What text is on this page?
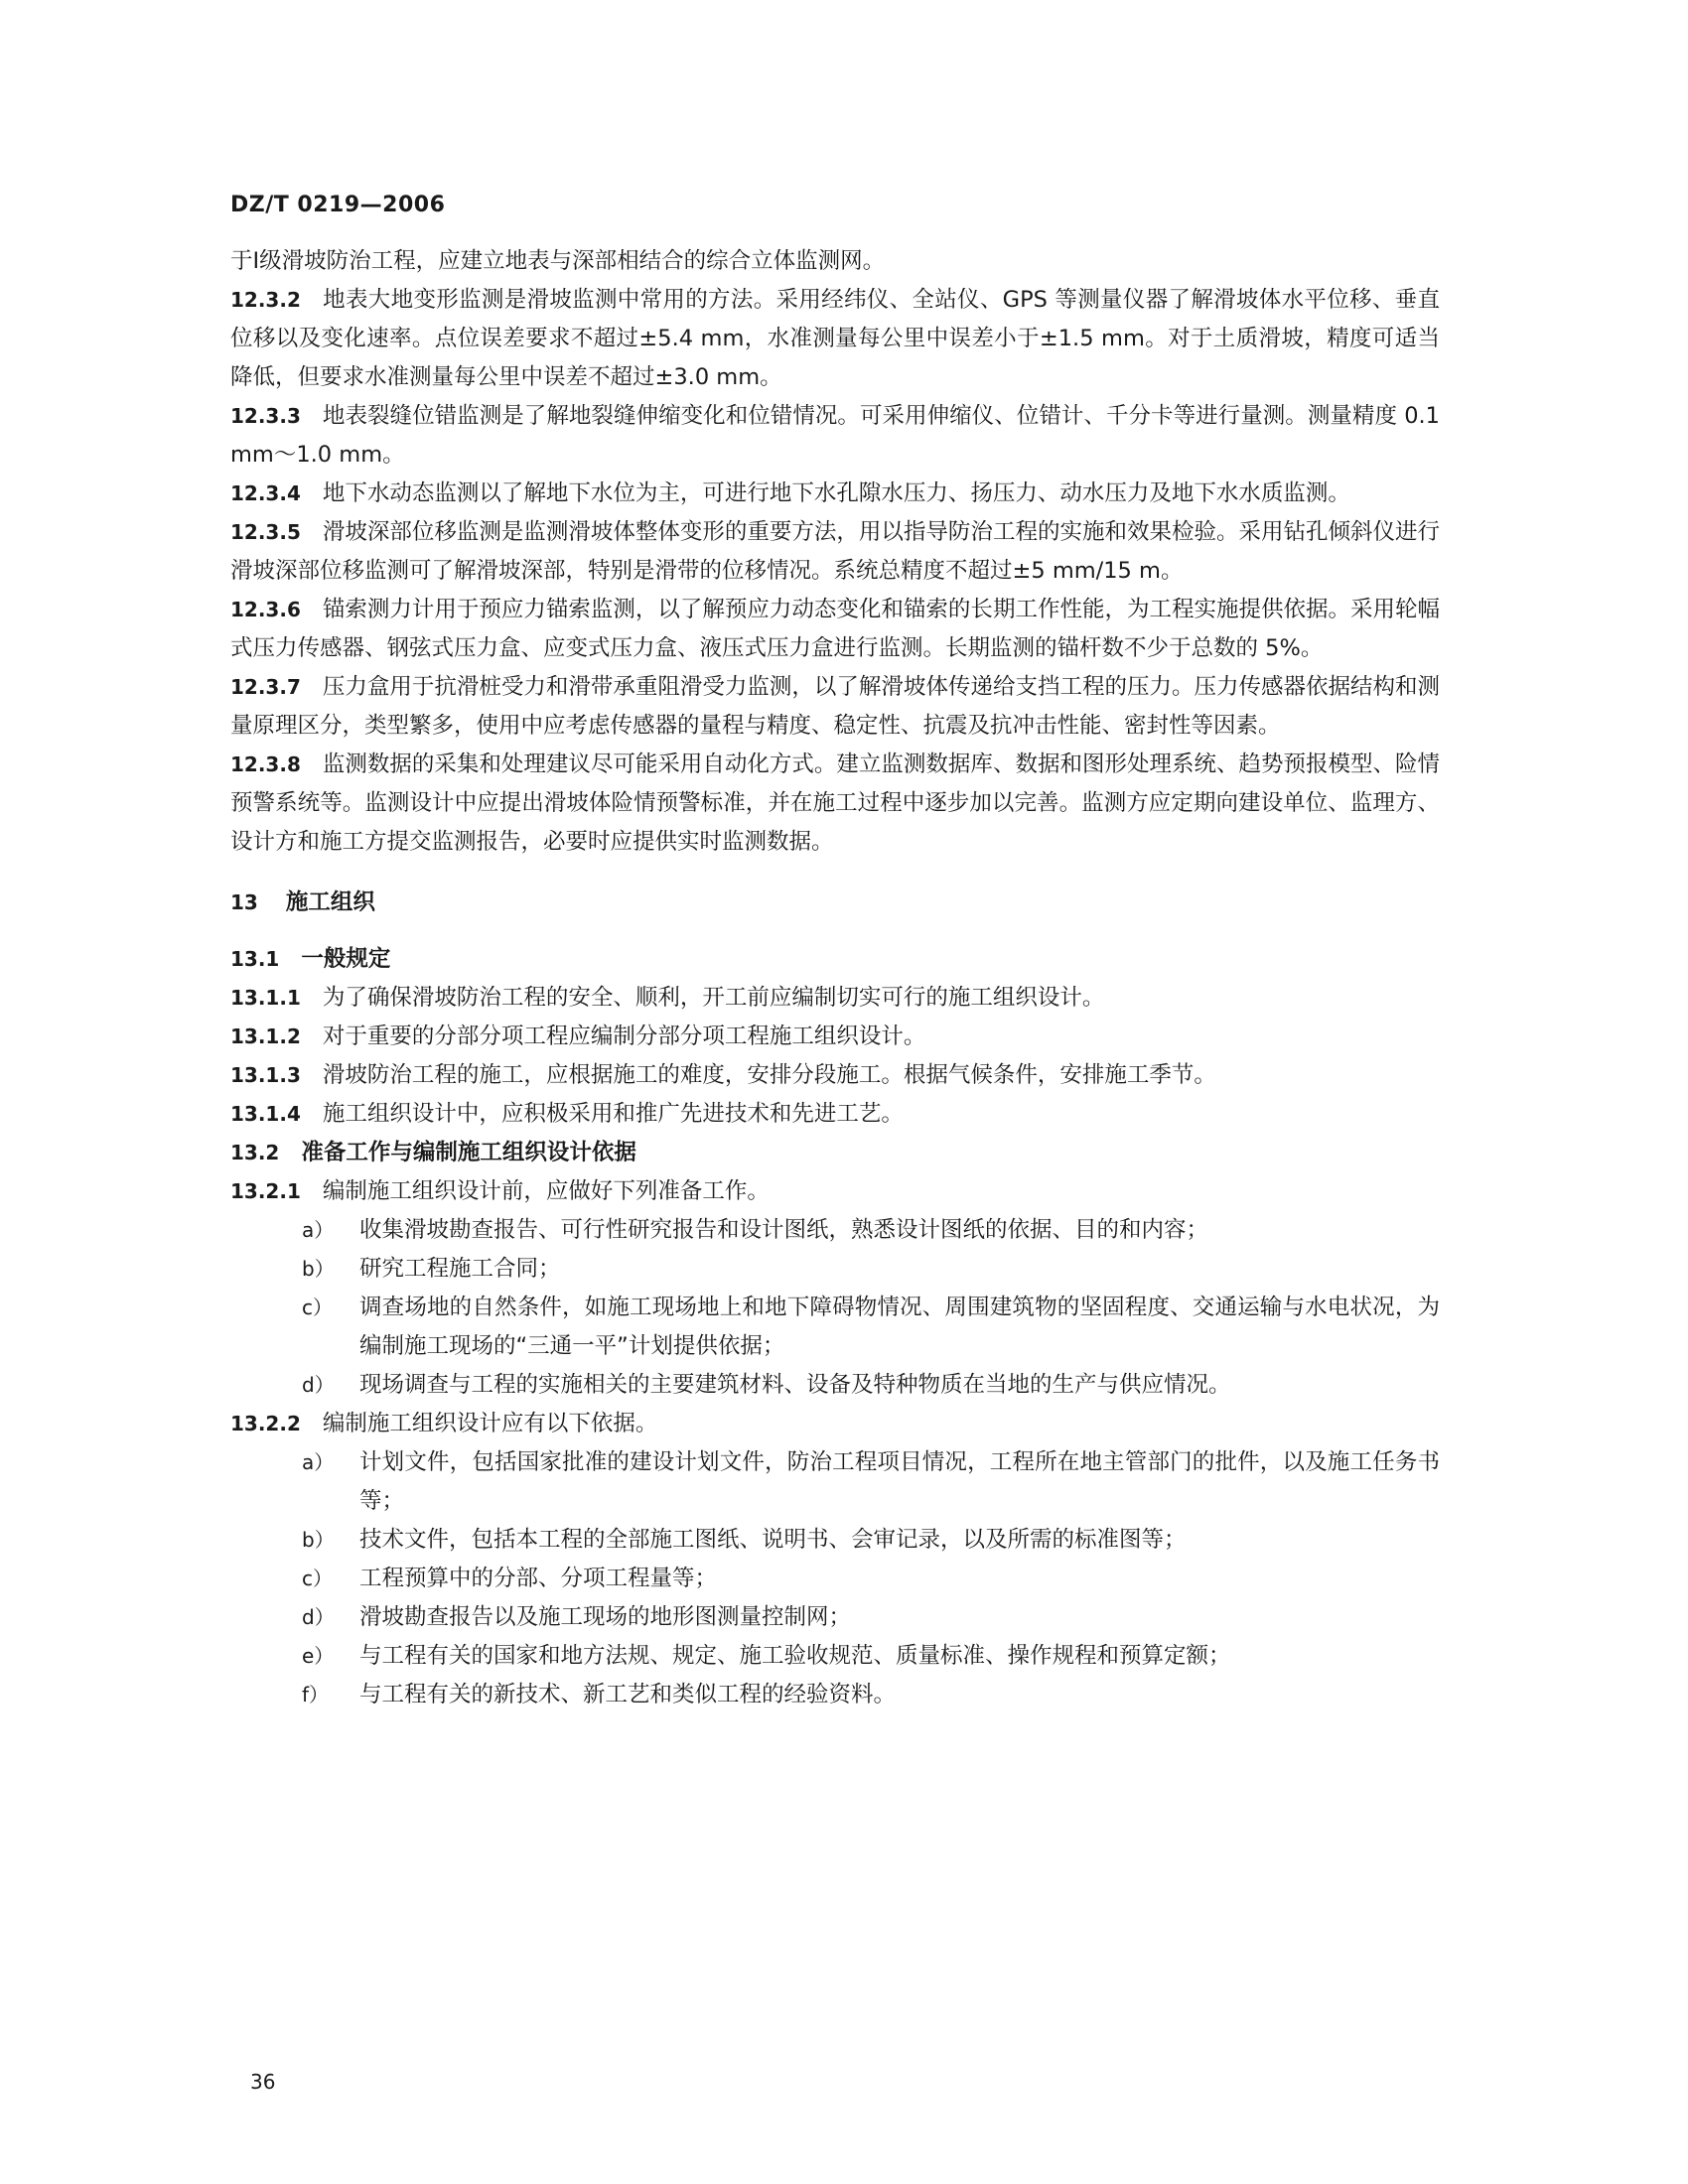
DZ/T 0219—2006

于Ⅰ级滑坡防治工程，应建立地表与深部相结合的综合立体监测网。

12.3.2 地表大地变形监测是滑坡监测中常用的方法。采用经纬仪、全站仪、GPS 等测量仪器了解滑坡体水平位移、垂直位移以及变化速率。点位误差要求不超过±5.4 mm，水准测量每公里中误差小于±1.5 mm。对于土质滑坡，精度可适当降低，但要求水准测量每公里中误差不超过±3.0 mm。

12.3.3 地表裂缝位错监测是了解地裂缝伸缩变化和位错情况。可采用伸缩仪、位错计、千分卡等进行量测。测量精度 0.1 mm～1.0 mm。

12.3.4 地下水动态监测以了解地下水位为主，可进行地下水孔隙水压力、扬压力、动水压力及地下水水质监测。

12.3.5 滑坡深部位移监测是监测滑坡体整体变形的重要方法，用以指导防治工程的实施和效果检验。采用钻孔倾斜仪进行滑坡深部位移监测可了解滑坡深部，特别是滑带的位移情况。系统总精度不超过±5 mm/15 m。

12.3.6 锚索测力计用于预应力锚索监测，以了解预应力动态变化和锚索的长期工作性能，为工程实施提供依据。采用轮幅式压力传感器、钢弦式压力盒、应变式压力盒、液压式压力盒进行监测。长期监测的锚杆数不少于总数的 5%。

12.3.7 压力盒用于抗滑桩受力和滑带承重阻滑受力监测，以了解滑坡体传递给支挡工程的压力。压力传感器依据结构和测量原理区分，类型繁多，使用中应考虑传感器的量程与精度、稳定性、抗震及抗冲击性能、密封性等因素。

12.3.8 监测数据的采集和处理建议尽可能采用自动化方式。建立监测数据库、数据和图形处理系统、趋势预报模型、险情预警系统等。监测设计中应提出滑坡体险情预警标准，并在施工过程中逐步加以完善。监测方应定期向建设单位、监理方、设计方和施工方提交监测报告，必要时应提供实时监测数据。

13 施工组织

13.1 一般规定

13.1.1 为了确保滑坡防治工程的安全、顺利，开工前应编制切实可行的施工组织设计。

13.1.2 对于重要的分部分项工程应编制分部分项工程施工组织设计。

13.1.3 滑坡防治工程的施工，应根据施工的难度，安排分段施工。根据气候条件，安排施工季节。

13.1.4 施工组织设计中，应积极采用和推广先进技术和先进工艺。

13.2 准备工作与编制施工组织设计依据

13.2.1 编制施工组织设计前，应做好下列准备工作。

a）	收集滑坡勘查报告、可行性研究报告和设计图纸，熟悉设计图纸的依据、目的和内容；
b）	研究工程施工合同；
c）	调查场地的自然条件，如施工现场地上和地下障碍物情况、周围建筑物的坚固程度、交通运输与水电状况，为编制施工现场的“三通一平”计划提供依据；
d）	现场调查与工程的实施相关的主要建筑材料、设备及特种物质在当地的生产与供应情况。

13.2.2 编制施工组织设计应有以下依据。

a）	计划文件，包括国家批准的建设计划文件，防治工程项目情况，工程所在地主管部门的批件，以及施工任务书等；
b）	技术文件，包括本工程的全部施工图纸、说明书、会审记录，以及所需的标准图等；
c）	工程预算中的分部、分项工程量等；
d）	滑坡勘查报告以及施工现场的地形图测量控制网；
e）	与工程有关的国家和地方法规、规定、施工验收规范、质量标准、操作规程和预算定额；
f）	与工程有关的新技术、新工艺和类似工程的经验资料。
36
